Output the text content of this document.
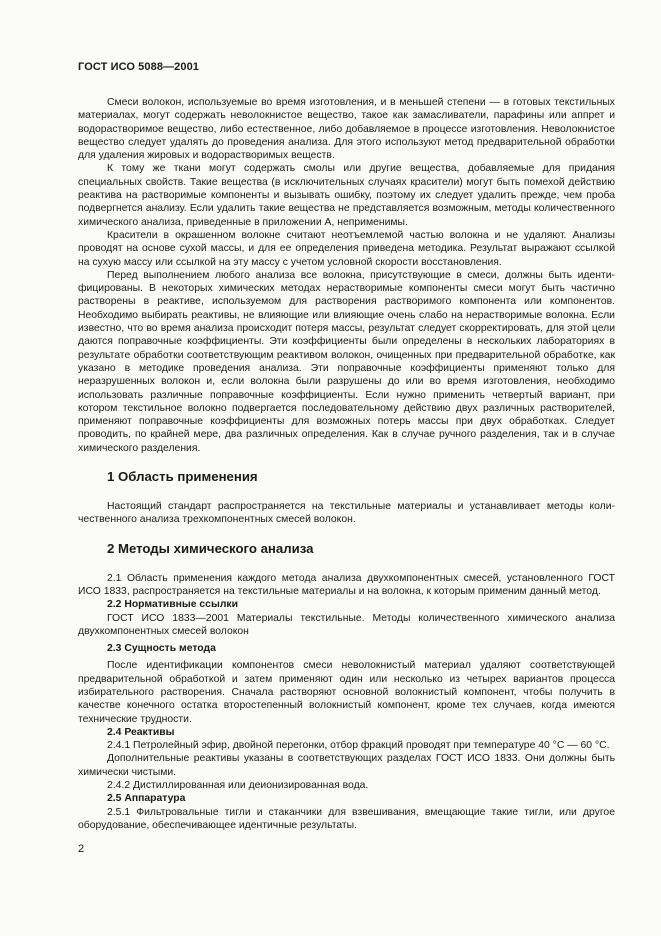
ГОСТ ИСО 5088—2001

Смеси волокон, используемые во время изготовления, и в меньшей степени — в готовых текстильных материалах, могут содержать неволокнистое вещество, такое как замасливатели, парафины или аппрет и водорастворимое вещество, либо естественное, либо добавляемое в процессе изготовления. Неволокнистое вещество следует удалять до проведения анализа. Для этого используют метод предварительной обработки для удаления жировых и водорастворимых веществ.

К тому же ткани могут содержать смолы или другие вещества, добавляемые для придания специальных свойств. Такие вещества (в исключительных случаях красители) могут быть помехой действию реактива на растворимые компоненты и вызывать ошибку, поэтому их следует удалить прежде, чем проба подвергнется анализу. Если удалить такие вещества не представляется возможным, методы количественного химического анализа, приведенные в приложении А, неприменимы.

Красители в окрашенном волокне считают неотъемлемой частью волокна и не удаляют. Анализы проводят на основе сухой массы, и для ее определения приведена методика. Результат выражают ссылкой на сухую массу или ссылкой на эту массу с учетом условной скорости восстановления.

Перед выполнением любого анализа все волокна, присутствующие в смеси, должны быть идентифицированы. В некоторых химических методах нерастворимые компоненты смеси могут быть частично растворены в реактиве, используемом для растворения растворимого компонента или компонентов. Необходимо выбирать реактивы, не влияющие или влияющие очень слабо на нерастворимые волокна. Если известно, что во время анализа происходит потеря массы, результат следует скорректировать, для этой цели даются поправочные коэффициенты. Эти коэффициенты были определены в нескольких лабораториях в результате обработки соответствующим реактивом волокон, очищенных при предварительной обработке, как указано в методике проведения анализа. Эти поправочные коэффициенты применяют только для неразрушенных волокон и, если волокна были разрушены до или во время изготовления, необходимо использовать различные поправочные коэффициенты. Если нужно применить четвертый вариант, при котором текстильное волокно подвергается последовательному действию двух различных растворителей, применяют поправочные коэффициенты для возможных потерь массы при двух обработках. Следует проводить, по крайней мере, два различных определения. Как в случае ручного разделения, так и в случае химического разделения.

1 Область применения

Настоящий стандарт распространяется на текстильные материалы и устанавливает методы количественного анализа трехкомпонентных смесей волокон.

2 Методы химического анализа

2.1 Область применения каждого метода анализа двухкомпонентных смесей, установленного ГОСТ ИСО 1833, распространяется на текстильные материалы и на волокна, к которым применим данный метод.

2.2 Нормативные ссылки

ГОСТ ИСО 1833—2001 Материалы текстильные. Методы количественного химического анализа двухкомпонентных смесей волокон

2.3 Сущность метода

После идентификации компонентов смеси неволокнистый материал удаляют соответствующей предварительной обработкой и затем применяют один или несколько из четырех вариантов процесса избирательного растворения. Сначала растворяют основной волокнистый компонент, чтобы получить в качестве конечного остатка второстепенный волокнистый компонент, кроме тех случаев, когда имеются технические трудности.

2.4 Реактивы

2.4.1 Петролейный эфир, двойной перегонки, отбор фракций проводят при температуре 40 °С — 60 °С.

Дополнительные реактивы указаны в соответствующих разделах ГОСТ ИСО 1833. Они должны быть химически чистыми.

2.4.2 Дистиллированная или деионизированная вода.

2.5 Аппаратура

2.5.1 Фильтровальные тигли и стаканчики для взвешивания, вмещающие такие тигли, или другое оборудование, обеспечивающее идентичные результаты.

2
